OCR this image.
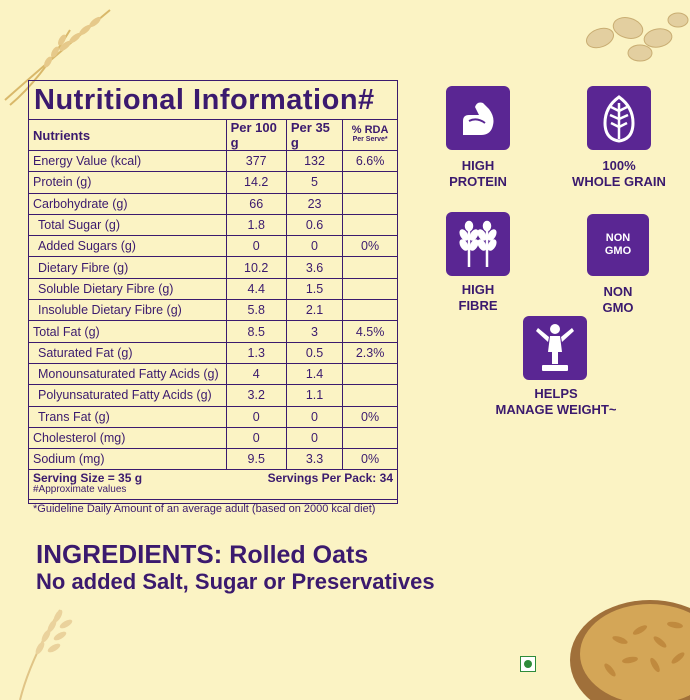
Nutritional Information#
Nutrients	Per 100 g	Per 35 g	% RDA
Per Serve*

Energy Value (kcal)	377	132	6.6%
Protein (g)	14.2	5	
Carbohydrate (g)	66	23	
Total Sugar (g)	1.8	0.6	
Added Sugars (g)	0	0	0%
Dietary Fibre (g)	10.2	3.6	
Soluble Dietary Fibre (g)	4.4	1.5	
Insoluble Dietary Fibre (g)	5.8	2.1	
Total Fat (g)	8.5	3	4.5%
Saturated Fat (g)	1.3	0.5	2.3%
Monounsaturated Fatty Acids (g)	4	1.4	
Polyunsaturated Fatty Acids (g)	3.2	1.1	
Trans Fat (g)	0	0	0%
Cholesterol (mg)	0	0	
Sodium (mg)	9.5	3.3	0%
Serving Size = 35 g	Servings Per Pack: 34
#Approximate values
*Guideline Daily Amount of an average adult (based on 2000 kcal diet)
HIGH
PROTEIN
100%
WHOLE GRAIN
HIGH
FIBRE
NON
GMO
NON
GMO
HELPS
MANAGE WEIGHT~
INGREDIENTS: Rolled Oats
No added Salt, Sugar or Preservatives
